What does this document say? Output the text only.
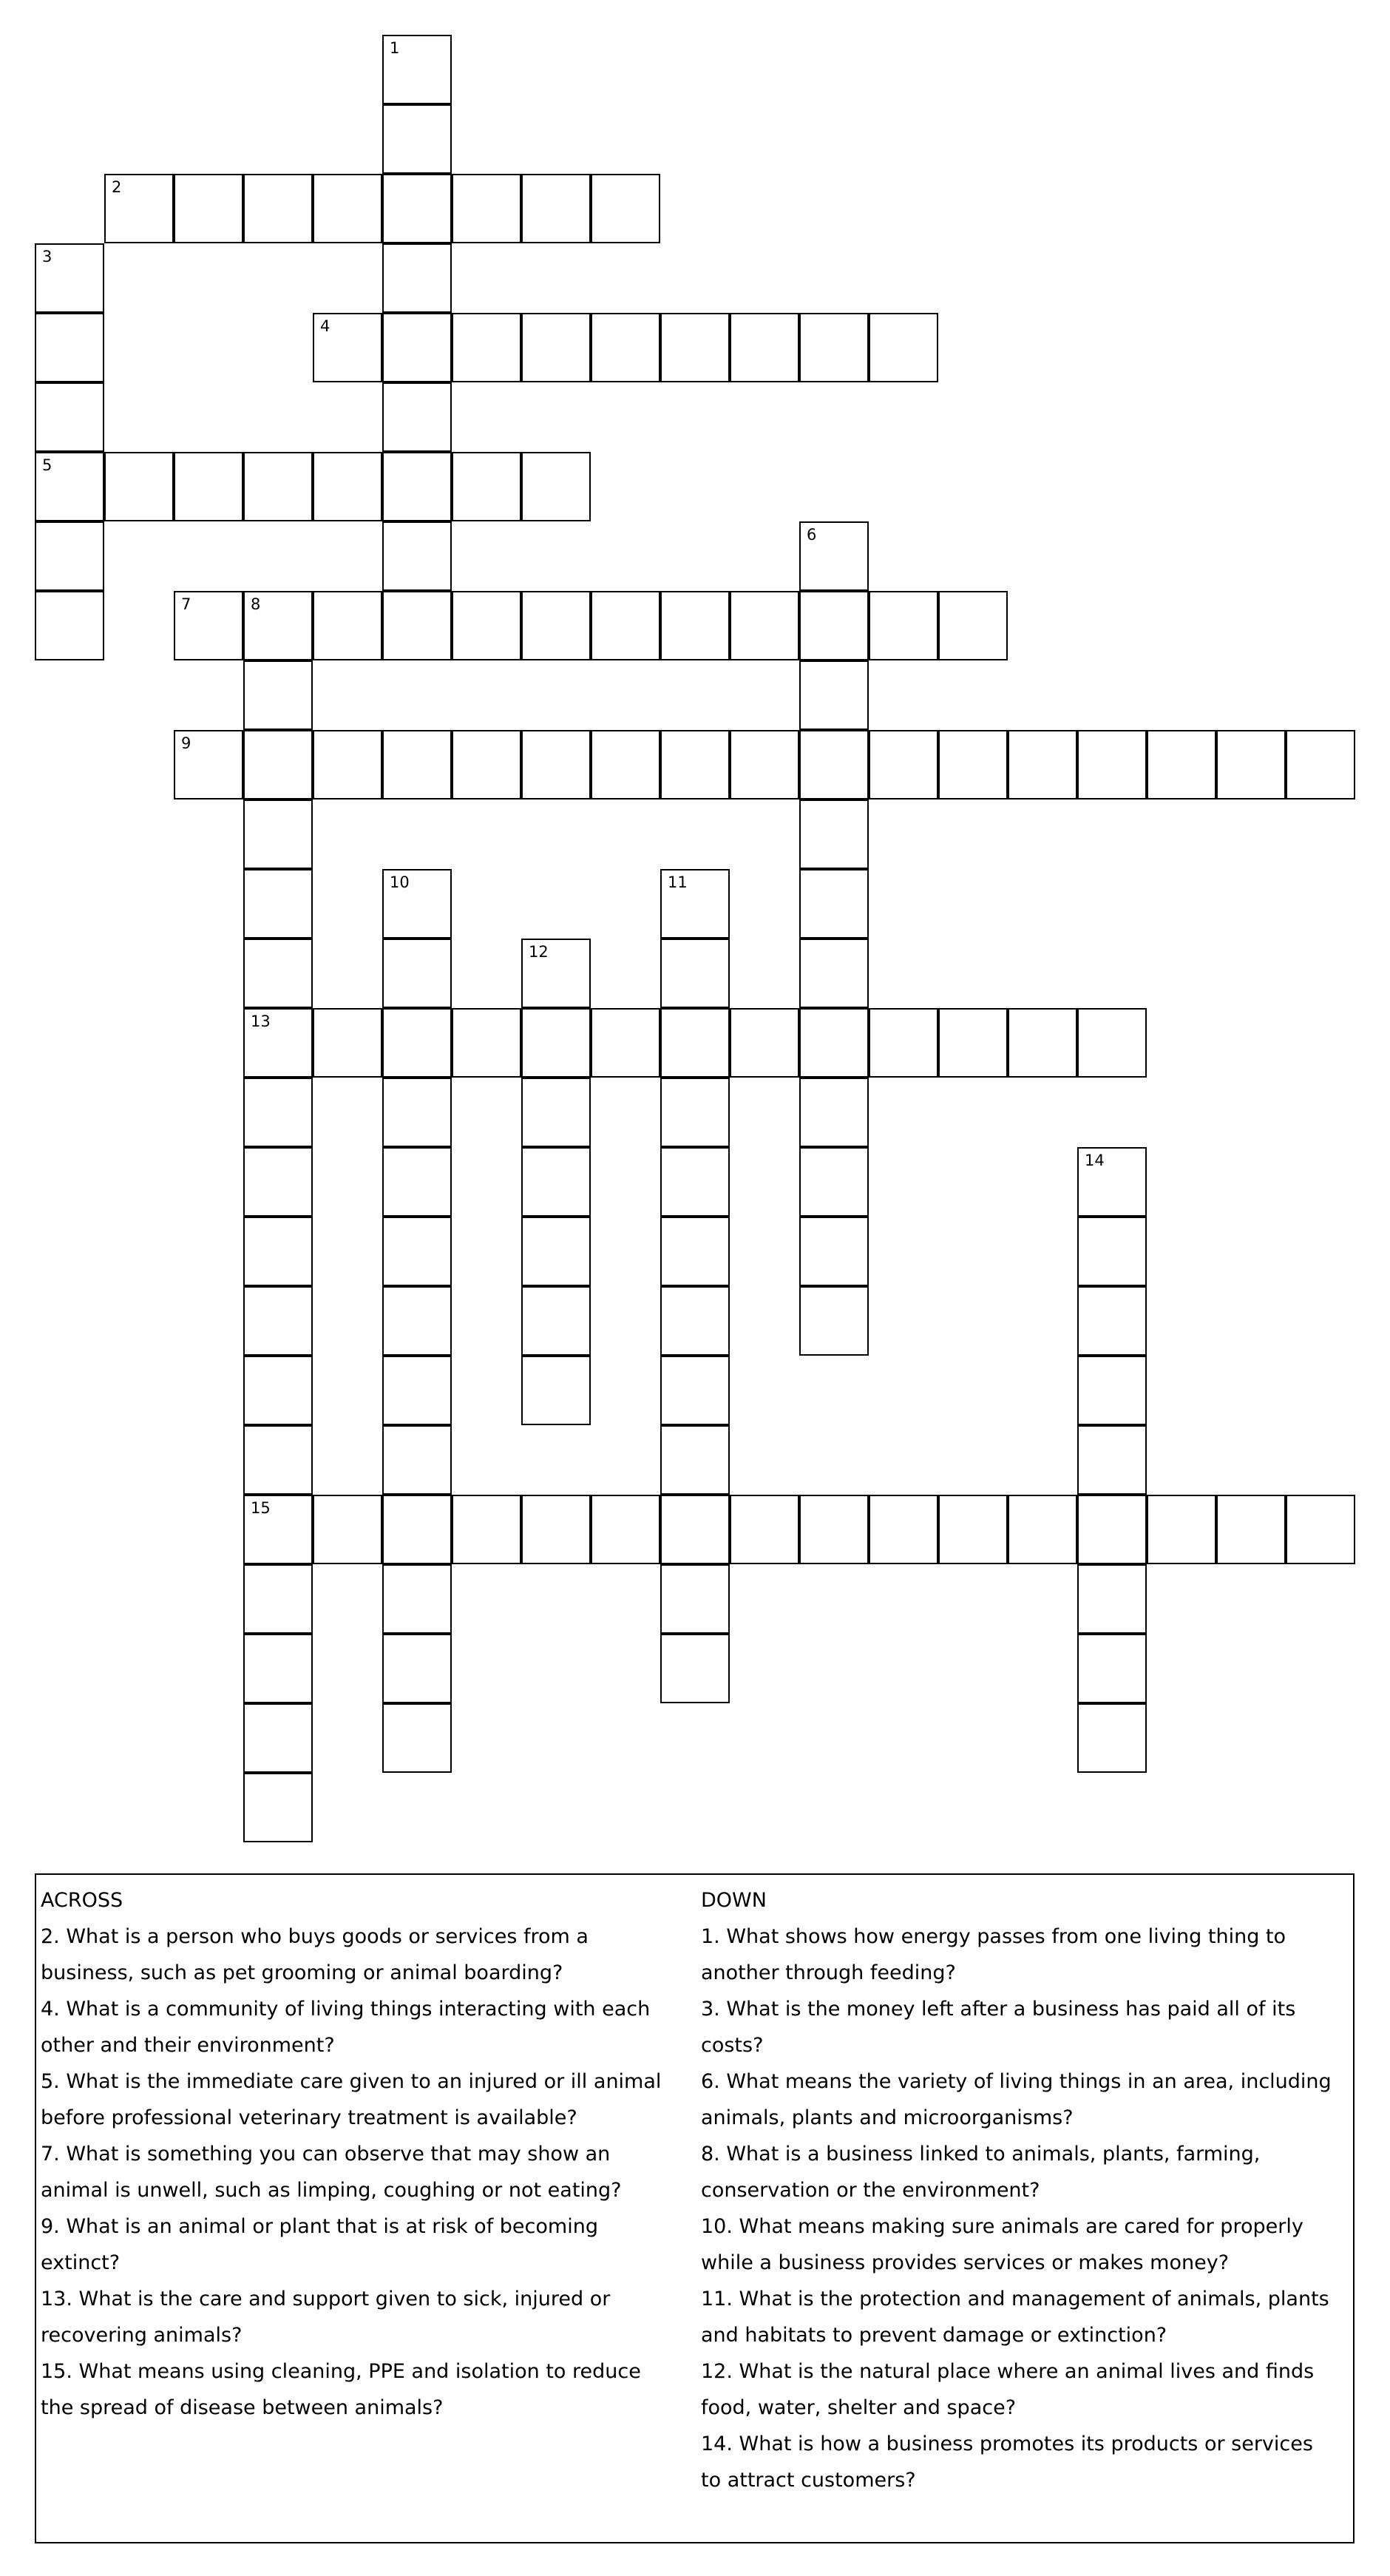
1
2
3
5
4
6
7	8
13
15
9
10	11
12
14

ACROSS

2. What is a person who buys goods or services from a business, such as pet grooming or animal boarding?

4. What is a community of living things interacting with each other and their environment?

5. What is the immediate care given to an injured or ill animal before professional veterinary treatment is available?

7. What is something you can observe that may show an animal is unwell, such as limping, coughing or not eating?

9. What is an animal or plant that is at risk of becoming extinct?

13. What is the care and support given to sick, injured or recovering animals?

15. What means using cleaning, PPE and isolation to reduce the spread of disease between animals?

DOWN

1. What shows how energy passes from one living thing to another through feeding?

3. What is the money left after a business has paid all of its costs?

6. What means the variety of living things in an area, including animals, plants and microorganisms?

8. What is a business linked to animals, plants, farming, conservation or the environment?

10. What means making sure animals are cared for properly while a business provides services or makes money?

11. What is the protection and management of animals, plants and habitats to prevent damage or extinction?

12. What is the natural place where an animal lives and finds food, water, shelter and space?

14. What is how a business promotes its products or services to attract customers?
